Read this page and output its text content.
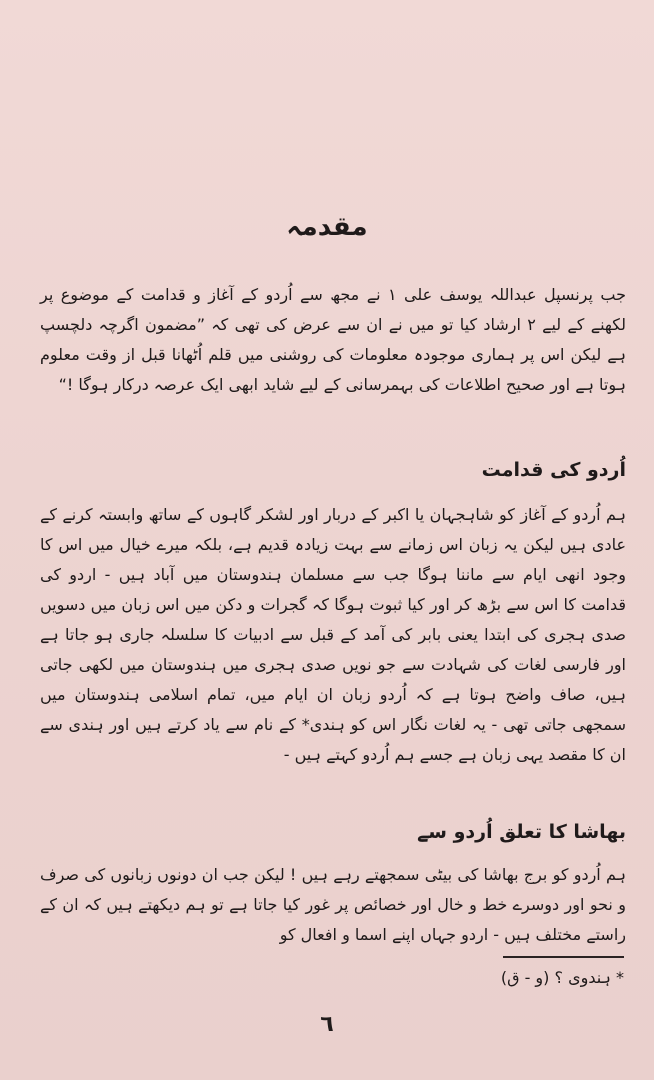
مقدمہ

جب پرنسپل عبداللہ یوسف علی ۱ نے مجھ سے اُردو کے آغاز و قدامت کے موضوع پر لکھنے کے لیے ۲ ارشاد کیا تو میں نے ان سے عرض کی تھی کہ ”مضمون اگرچہ دلچسپ ہے لیکن اس پر ہماری موجودہ معلومات کی روشنی میں قلم اُٹھانا قبل از وقت معلوم ہوتا ہے اور صحیح اطلاعات کی بہمرسانی کے لیے شاید ابھی ایک عرصہ درکار ہوگا !“

اُردو کی قدامت

ہم اُردو کے آغاز کو شاہجہان یا اکبر کے دربار اور لشکر گاہوں کے ساتھ وابستہ کرنے کے عادی ہیں لیکن یہ زبان اس زمانے سے بہت زیادہ قدیم ہے، بلکہ میرے خیال میں اس کا وجود انھی ایام سے ماننا ہوگا جب سے مسلمان ہندوستان میں آباد ہیں - اردو کی قدامت کا اس سے بڑھ کر اور کیا ثبوت ہوگا کہ گجرات و دکن میں اس زبان میں دسویں صدی ہجری کی ابتدا یعنی بابر کی آمد کے قبل سے ادبیات کا سلسلہ جاری ہو جاتا ہے اور فارسی لغات کی شہادت سے جو نویں صدی ہجری میں ہندوستان میں لکھی جاتی ہیں، صاف واضح ہوتا ہے کہ اُردو زبان ان ایام میں، تمام اسلامی ہندوستان میں سمجھی جاتی تھی - یہ لغات نگار اس کو ہندی* کے نام سے یاد کرتے ہیں اور ہندی سے ان کا مقصد یہی زبان ہے جسے ہم اُردو کہتے ہیں -

بھاشا کا تعلق اُردو سے

ہم اُردو کو برج بھاشا کی بیٹی سمجھتے رہے ہیں ! لیکن جب ان دونوں زبانوں کی صرف و نحو اور دوسرے خط و خال اور خصائص پر غور کیا جاتا ہے تو ہم دیکھتے ہیں کہ ان کے راستے مختلف ہیں - اردو جہاں اپنے اسما و افعال کو

* ہندوی ؟ (و - ق)
٦
